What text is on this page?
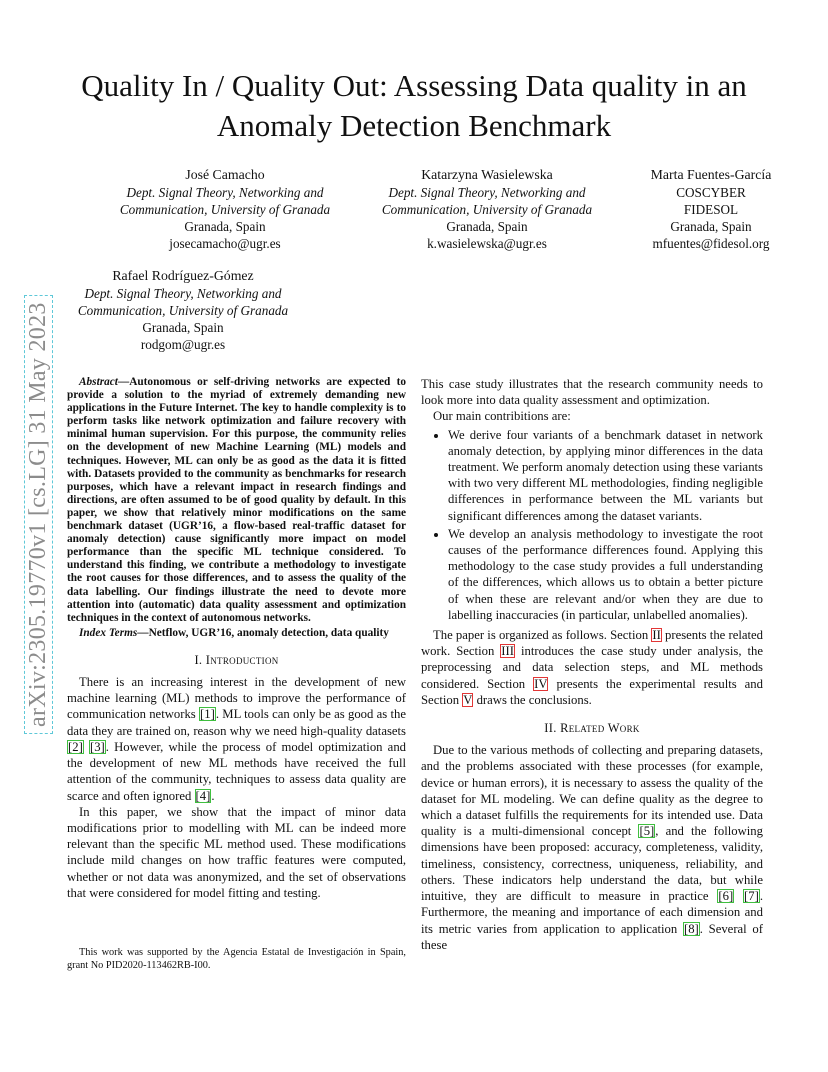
arXiv:2305.19770v1 [cs.LG] 31 May 2023
Quality In / Quality Out: Assessing Data quality in an Anomaly Detection Benchmark
José Camacho
Dept. Signal Theory, Networking and
Communication, University of Granada
Granada, Spain
josecamacho@ugr.es
Katarzyna Wasielewska
Dept. Signal Theory, Networking and
Communication, University of Granada
Granada, Spain
k.wasielewska@ugr.es
Marta Fuentes-García
COSCYBER
FIDESOL
Granada, Spain
mfuentes@fidesol.org
Rafael Rodríguez-Gómez
Dept. Signal Theory, Networking and
Communication, University of Granada
Granada, Spain
rodgom@ugr.es

Abstract—Autonomous or self-driving networks are expected to provide a solution to the myriad of extremely demanding new applications in the Future Internet. The key to handle complexity is to perform tasks like network optimization and failure recovery with minimal human supervision. For this purpose, the community relies on the development of new Machine Learning (ML) models and techniques. However, ML can only be as good as the data it is fitted with. Datasets provided to the community as benchmarks for research purposes, which have a relevant impact in research findings and directions, are often assumed to be of good quality by default. In this paper, we show that relatively minor modifications on the same benchmark dataset (UGR’16, a flow-based real-traffic dataset for anomaly detection) cause significantly more impact on model performance than the specific ML technique considered. To understand this finding, we contribute a methodology to investigate the root causes for those differences, and to assess the quality of the data labelling. Our findings illustrate the need to devote more attention into (automatic) data quality assessment and optimization techniques in the context of autonomous networks.

Index Terms—Netflow, UGR’16, anomaly detection, data quality

I. Introduction

There is an increasing interest in the development of new machine learning (ML) methods to improve the performance of communication networks [1]. ML tools can only be as good as the data they are trained on, reason why we need high-quality datasets [2] [3]. However, while the process of model optimization and the development of new ML methods have received the full attention of the community, techniques to assess data quality are scarce and often ignored [4].

In this paper, we show that the impact of minor data modifications prior to modelling with ML can be indeed more relevant than the specific ML method used. These modifications include mild changes on how traffic features were computed, whether or not data was anonymized, and the set of observations that were considered for model fitting and testing.

This work was supported by the Agencia Estatal de Investigación in Spain, grant No PID2020-113462RB-I00.

This case study illustrates that the research community needs to look more into data quality assessment and optimization.

Our main contribitions are:

• We derive four variants of a benchmark dataset in network anomaly detection, by applying minor differences in the data treatment. We perform anomaly detection using these variants with two very different ML methodologies, finding negligible differences in performance between the ML variants but significant differences among the dataset variants.
• We develop an analysis methodology to investigate the root causes of the performance differences found. Applying this methodology to the case study provides a full understanding of the differences, which allows us to obtain a better picture of when these are relevant and/or when they are due to labelling inaccuracies (in particular, unlabelled anomalies).

The paper is organized as follows. Section II presents the related work. Section III introduces the case study under analysis, the preprocessing and data selection steps, and ML methods considered. Section IV presents the experimental results and Section V draws the conclusions.

II. Related Work

Due to the various methods of collecting and preparing datasets, and the problems associated with these processes (for example, device or human errors), it is necessary to assess the quality of the dataset for ML modeling. We can define quality as the degree to which a dataset fulfills the requirements for its intended use. Data quality is a multi-dimensional concept [5], and the following dimensions have been proposed: accuracy, completeness, validity, timeliness, consistency, correctness, uniqueness, reliability, and others. These indicators help understand the data, but while intuitive, they are difficult to measure in practice [6] [7]. Furthermore, the meaning and importance of each dimension and its metric varies from application to application [8]. Several of these
